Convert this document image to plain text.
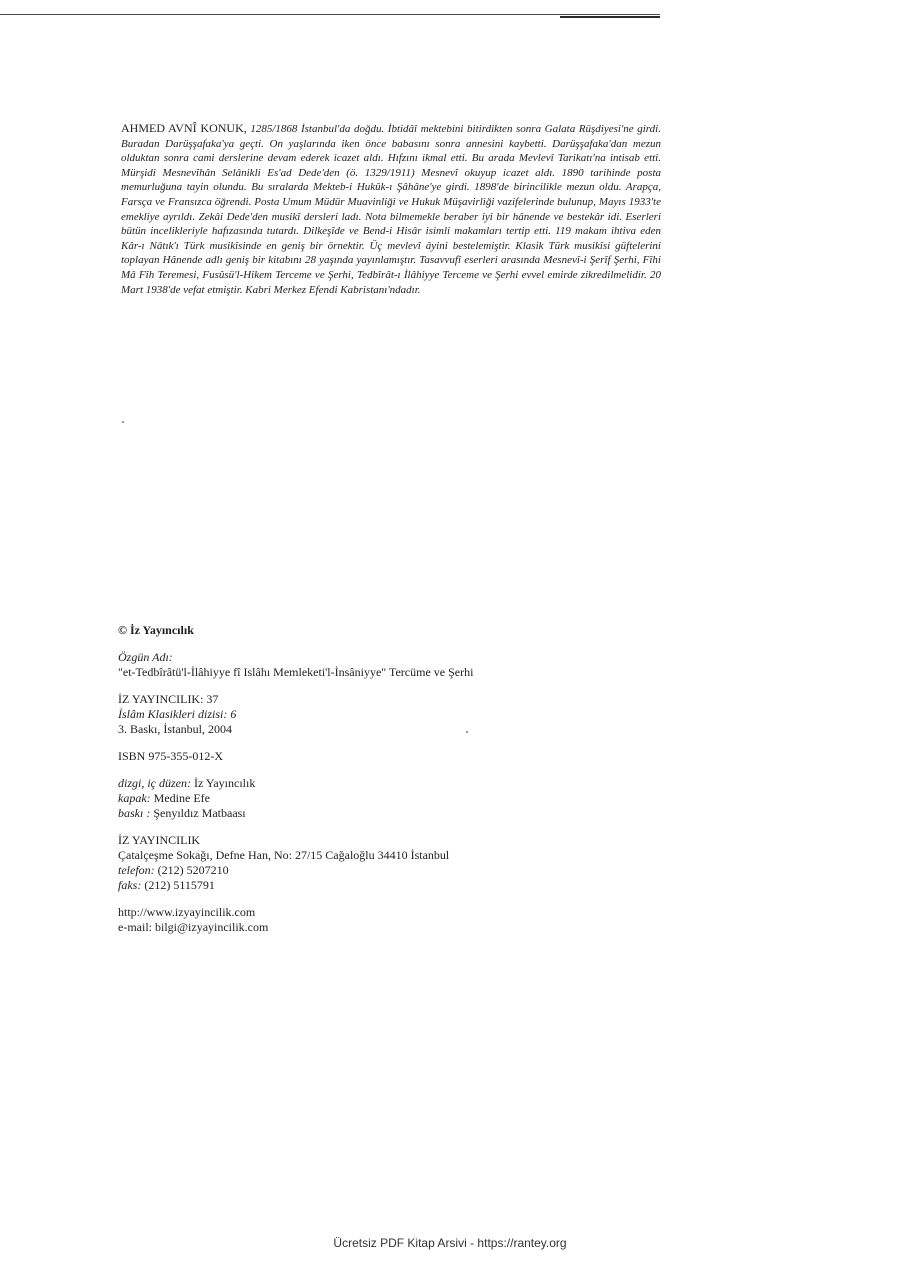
AHMED AVNÎ KONUK, 1285/1868 İstanbul'da doğdu. İbtidâî mektebini bitirdikten sonra Galata Rüşdiyesi'ne girdi. Buradan Darüşşafaka'ya geçti. On yaşlarında iken önce babasını sonra annesini kaybetti. Darüşşafaka'dan mezun olduktan sonra cami derslerine devam ederek icazet aldı. Hıfzını ikmal etti. Bu arada Mevlevî Tarikatı'na intisab etti. Mürşidi Mesnevîhân Selânikli Es'ad Dede'den (ö. 1329/1911) Mesnevî okuyup icazet aldı. 1890 tarihinde posta memurluğuna tayin olundu. Bu sıralarda Mekteb-i Hukûk-ı Şâhâne'ye girdi. 1898'de birincilikle mezun oldu. Arapça, Farsça ve Fransızca öğrendi. Posta Umum Müdür Muavinliği ve Hukuk Müşavirliği vazifelerinde bulunup, Mayıs 1933'te emekliye ayrıldı. Zekâi Dede'den musikî dersleri ladı. Nota bilmemekle beraber iyi bir hânende ve bestekâr idi. Eserleri bütün incelikleriyle hafızasında tutardı. Dilkeşîde ve Bend-i Hisâr isimli makamları tertip etti. 119 makam ihtiva eden Kâr-ı Nâtık'ı Türk musikîsinde en geniş bir örnektir. Üç mevlevî âyini bestelemiştir. Klasik Türk musikîsi güftelerini toplayan Hânende adlı geniş bir kitabını 28 yaşında yayınlamıştır. Tasavvufî eserleri arasında Mesnevî-i Şerîf Şerhi, Fîhi Mâ Fîh Teremesi, Fusûsü'l-Hikem Terceme ve Şerhi, Tedbîrât-ı İlâhiyye Terceme ve Şerhi evvel emirde zikredilmelidir. 20 Mart 1938'de vefat etmiştir. Kabri Merkez Efendi Kabristanı'ndadır.
© İz Yayıncılık
Özgün Adı:
"et-Tedbîrâtü'l-İlâhiyye fî Islâhı Memleketi'l-İnsâniyye" Tercüme ve Şerhi
İZ YAYINCILIK: 37
İslâm Klasikleri dizisi: 6
3. Baskı, İstanbul, 2004
ISBN 975-355-012-X
dizgi, iç düzen: İz Yayıncılık
kapak: Medine Efe
baskı : Şenyıldız Matbaası
İZ YAYINCILIK
Çatalçeşme Sokağı, Defne Han, No: 27/15 Cağaloğlu 34410 İstanbul
telefon: (212) 5207210
faks: (212) 5115791
http://www.izyayincilik.com
e-mail: bilgi@izyayincilik.com
Ücretsiz PDF Kitap Arsivi - https://rantey.org
